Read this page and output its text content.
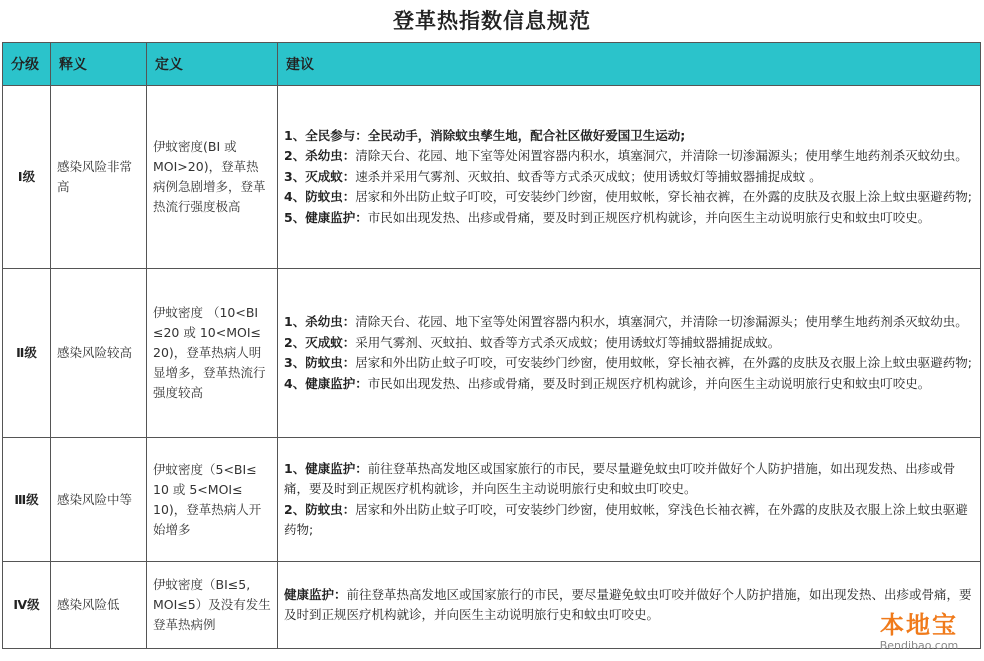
登革热指数信息规范
分级	释义	定义	建议
Ⅰ级	感染风险非常高	伊蚊密度(BI 或 MOI>20)，登革热病例急剧增多，登革热流行强度极高	1、全民参与：全民动手，消除蚊虫孳生地，配合社区做好爱国卫生运动;
2、杀幼虫：清除天台、花园、地下室等处闲置容器内积水，填塞洞穴，并清除一切渗漏源头；使用孳生地药剂杀灭蚊幼虫。
3、灭成蚊：速杀并采用气雾剂、灭蚊拍、蚊香等方式杀灭成蚊；使用诱蚊灯等捕蚊器捕捉成蚊 。
4、防蚊虫：居家和外出防止蚊子叮咬，可安装纱门纱窗，使用蚊帐，穿长袖衣裤，在外露的皮肤及衣服上涂上蚊虫驱避药物;
5、健康监护：市民如出现发热、出疹或骨痛，要及时到正规医疗机构就诊，并向医生主动说明旅行史和蚊虫叮咬史。

Ⅱ级	感染风险较高	伊蚊密度 （10<BI ≤20 或 10<MOI≤ 20)，登革热病人明显增多，登革热流行强度较高	1、杀幼虫：清除天台、花园、地下室等处闲置容器内积水，填塞洞穴，并清除一切渗漏源头；使用孳生地药剂杀灭蚊幼虫。
2、灭成蚊：采用气雾剂、灭蚊拍、蚊香等方式杀灭成蚊；使用诱蚊灯等捕蚊器捕捉成蚊。
3、防蚊虫：居家和外出防止蚊子叮咬，可安装纱门纱窗，使用蚊帐，穿长袖衣裤，在外露的皮肤及衣服上涂上蚊虫驱避药物;
4、健康监护：市民如出现发热、出疹或骨痛，要及时到正规医疗机构就诊，并向医生主动说明旅行史和蚊虫叮咬史。

Ⅲ级	感染风险中等	伊蚊密度（5<BI≤ 10 或 5<MOI≤ 10)，登革热病人开始增多	1、健康监护：前往登革热高发地区或国家旅行的市民，要尽量避免蚊虫叮咬并做好个人防护措施，如出现发热、出疹或骨痛，要及时到正规医疗机构就诊，并向医生主动说明旅行史和蚊虫叮咬史。
2、防蚊虫：居家和外出防止蚊子叮咬，可安装纱门纱窗，使用蚊帐，穿浅色长袖衣裤，在外露的皮肤及衣服上涂上蚊虫驱避药物;

Ⅳ级	感染风险低	伊蚊密度（BI≤5, MOI≤5）及没有发生登革热病例	健康监护：前往登革热高发地区或国家旅行的市民，要尽量避免蚊虫叮咬并做好个人防护措施，如出现发热、出疹或骨痛，要及时到正规医疗机构就诊，并向医生主动说明旅行史和蚊虫叮咬史。	本地宝
Bendibao.com
